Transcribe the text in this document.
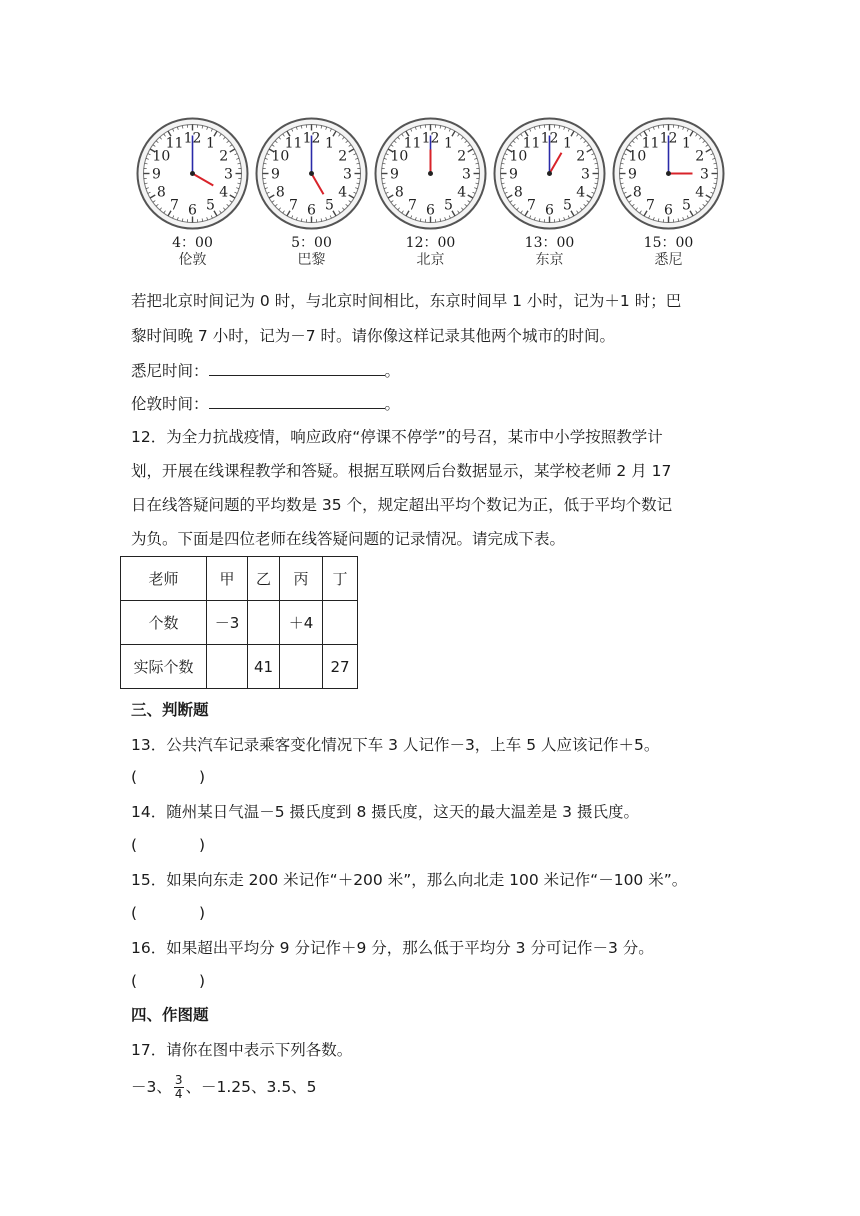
12 1
2
3
4
5
6
7
8
9
10
11
4：00
伦敦
12 1
2
3
4
5
6
7
8
9
10
11
5：00
巴黎
12 1
2
3
4
5
6
7
8
9
10
11
12：00
北京
12 1
2
3
4
5
6
7
8
9
10
11
13：00
东京
12 1
2
3
4
5
6
7
8
9
10
11
15：00
悉尼
若把北京时间记为 0 时，与北京时间相比，东京时间早 1 小时，记为＋1 时；巴
黎时间晚 7 小时，记为－7 时。请你像这样记录其他两个城市的时间。
悉尼时间：	。
伦敦时间：	。
12．为全力抗战疫情，响应政府“停课不停学”的号召，某市中小学按照教学计
划，开展在线课程教学和答疑。根据互联网后台数据显示，某学校老师 2 月 17
日在线答疑问题的平均数是 35 个，规定超出平均个数记为正，低于平均个数记
为负。下面是四位老师在线答疑问题的记录情况。请完成下表。
老师	甲	乙	丙	丁
个数	－3		＋4	
实际个数		41		27
三、判断题
13．公共汽车记录乘客变化情况下车 3 人记作－3，上车 5 人应该记作＋5。
(　　　　)
14．随州某日气温－5 摄氏度到 8 摄氏度，这天的最大温差是 3 摄氏度。
(　　　　)
15．如果向东走 200 米记作“＋200 米”，那么向北走 100 米记作“－100 米”。
(　　　　)
16．如果超出平均分 9 分记作＋9 分，那么低于平均分 3 分可记作－3 分。
(　　　　)
四、作图题
17．请你在图中表示下列各数。
－3、 $\frac{3}{4}$ 、－1.25、3.5、5
